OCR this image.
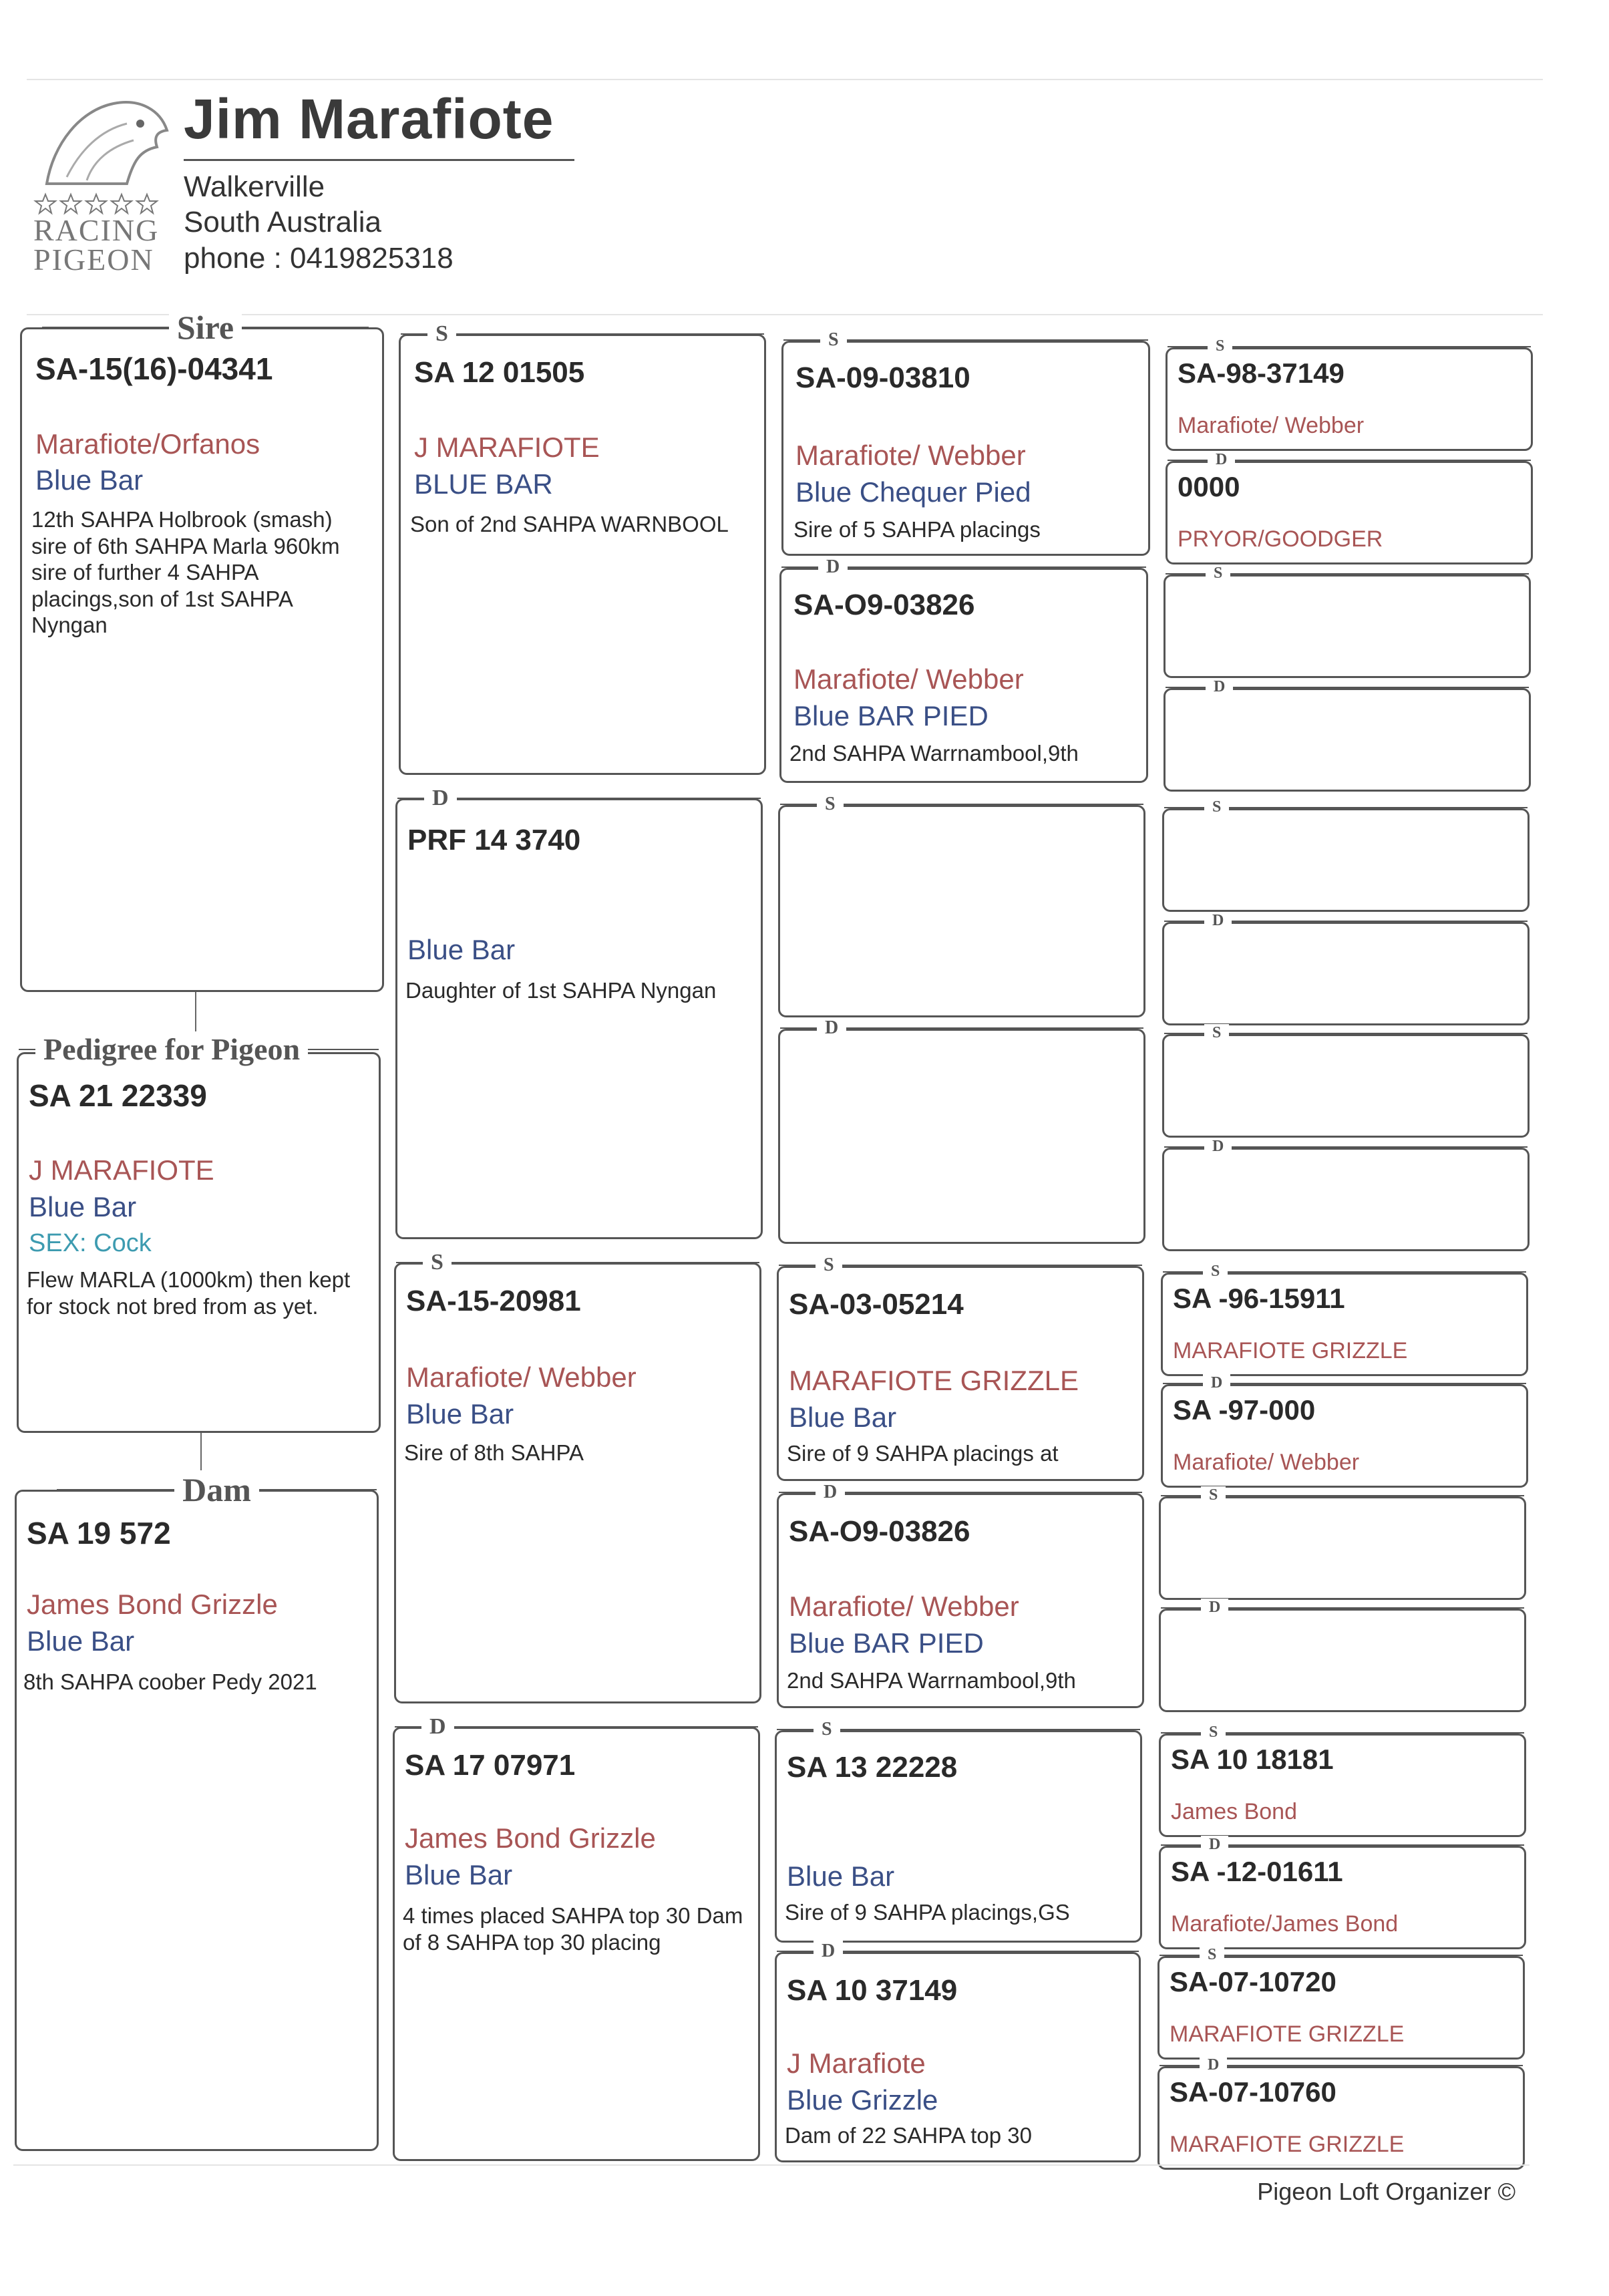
RACING
PIGEON
Jim Marafiote
Walkerville
South Australia
phone : 0419825318
Sire
SA-15(16)-04341
Marafiote/Orfanos
Blue Bar
12th SAHPA Holbrook (smash) sire of 6th SAHPA Marla 960km sire of further 4 SAHPA placings,son of 1st SAHPA Nyngan
Pedigree for Pigeon
SA 21 22339
J MARAFIOTE
Blue Bar
SEX: Cock
Flew MARLA (1000km) then kept for stock not bred from as yet.
Dam
SA 19 572
James Bond Grizzle
Blue Bar
8th SAHPA coober Pedy 2021
S
SA 12 01505
J MARAFIOTE
BLUE BAR
Son of 2nd SAHPA WARNBOOL
D
PRF 14 3740
Blue Bar
Daughter of 1st SAHPA Nyngan
S
SA-15-20981
Marafiote/ Webber
Blue Bar
Sire of 8th SAHPA
D
SA 17 07971
James Bond Grizzle
Blue Bar
4 times placed SAHPA top 30 Dam of 8 SAHPA top 30 placing
S
SA-09-03810
Marafiote/ Webber
Blue Chequer Pied
Sire of 5 SAHPA placings
D
SA-O9-03826
Marafiote/ Webber
Blue BAR PIED
2nd SAHPA Warrnambool,9th
S
D
S
SA-03-05214
MARAFIOTE GRIZZLE
Blue Bar
Sire of 9 SAHPA placings at
D
SA-O9-03826
Marafiote/ Webber
Blue BAR PIED
2nd SAHPA Warrnambool,9th
S
SA 13 22228
Blue Bar
Sire of 9 SAHPA placings,GS
D
SA 10 37149
J Marafiote
Blue Grizzle
Dam of 22 SAHPA top 30
S
SA-98-37149
Marafiote/ Webber
D
0000
PRYOR/GOODGER
S
D
S
D
S
D
S
SA -96-15911
MARAFIOTE GRIZZLE
D
SA -97-000
Marafiote/ Webber
S
D
S
SA 10 18181
James Bond
D
SA -12-01611
Marafiote/James Bond
S
SA-07-10720
MARAFIOTE GRIZZLE
D
SA-07-10760
MARAFIOTE GRIZZLE
Pigeon Loft Organizer ©
